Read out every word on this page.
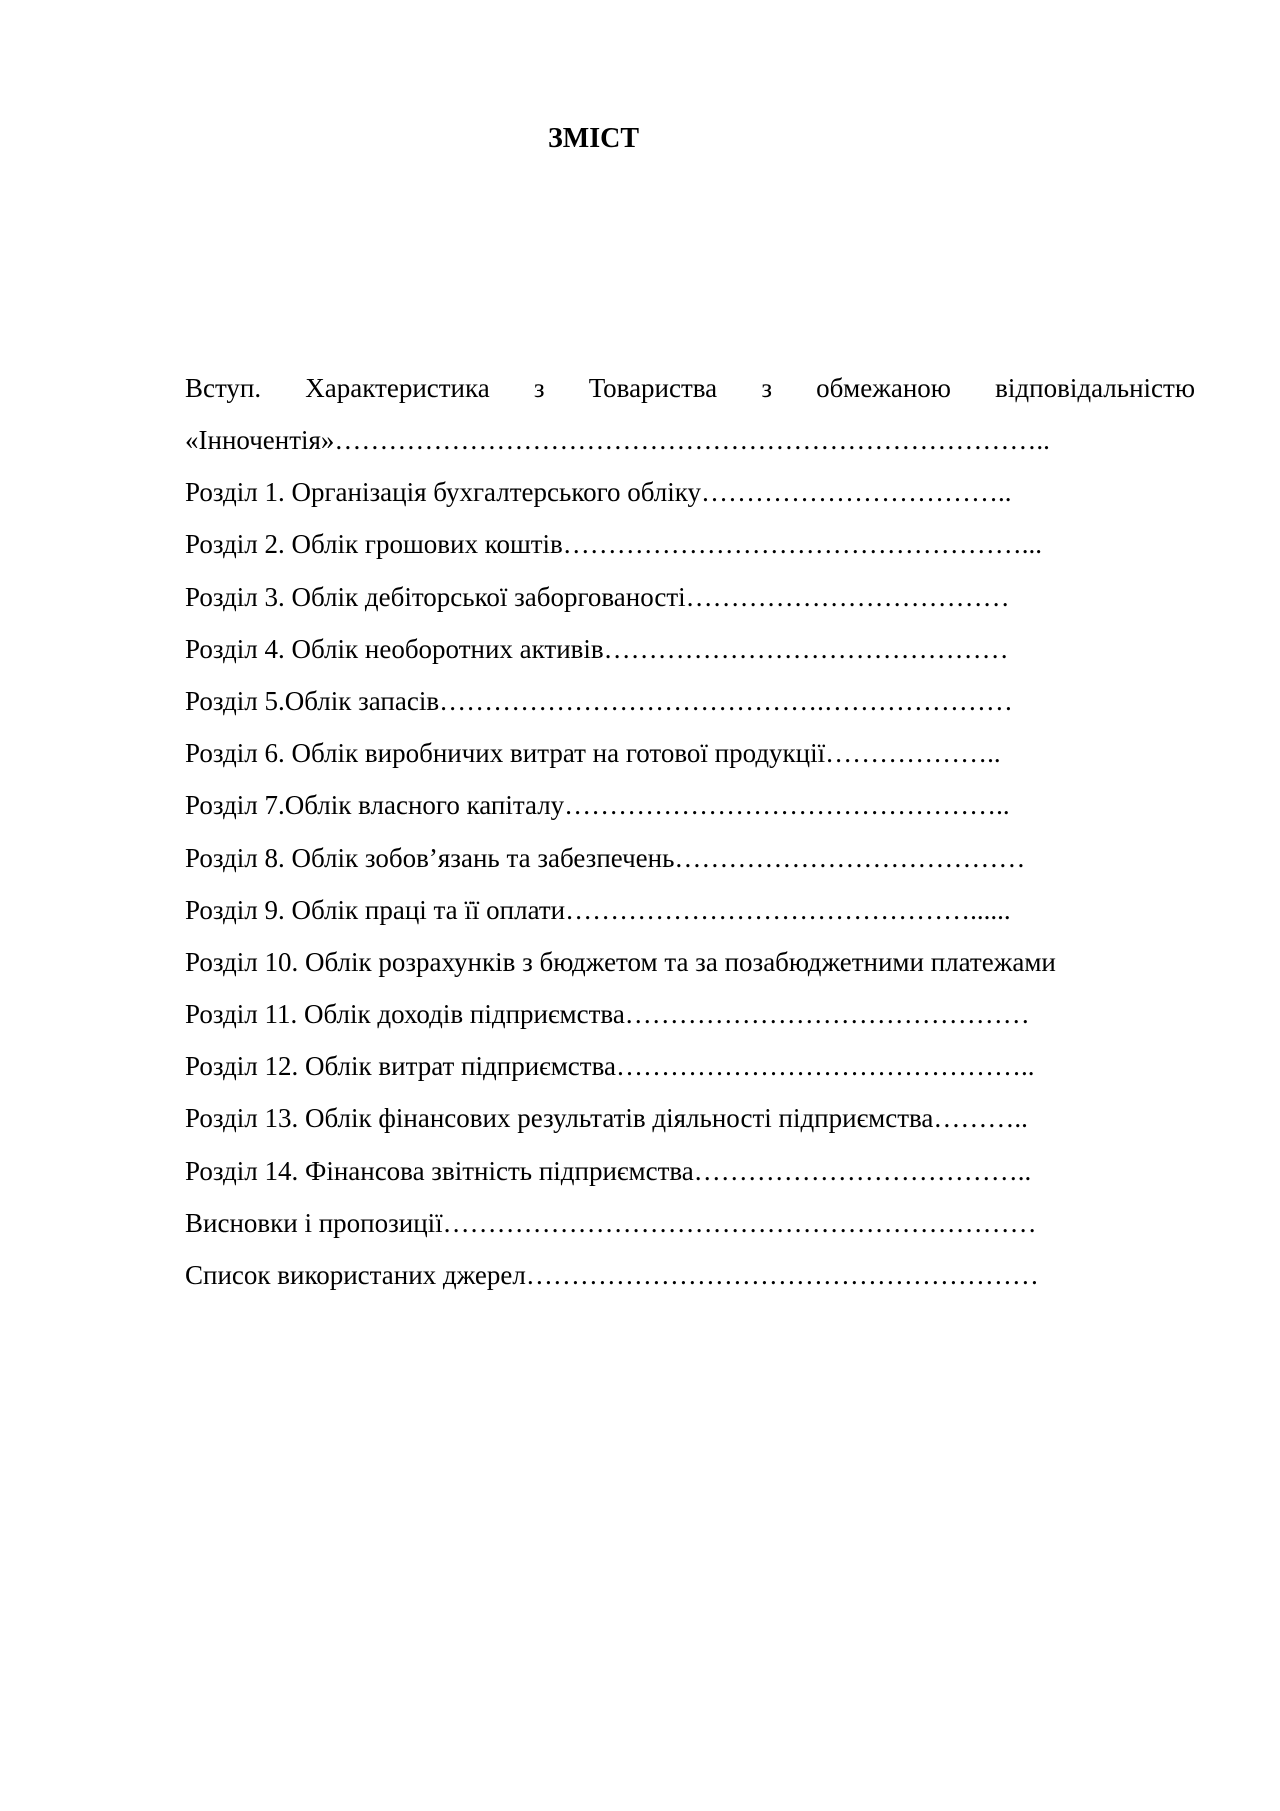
ЗМІСТ
Вступ. Характеристика з Товариства з обмежаною відповідальністю
«Інночентія»……………………………………………………………………..
Розділ 1. Організація бухгалтерського обліку……………………………..
Розділ 2. Облік грошових коштів……………………………………………...
Розділ 3. Облік дебіторської заборгованості………………………………
Розділ 4. Облік необоротних активів………………………………………
Розділ 5.Облік запасів…………………………………….…………………
Розділ 6. Облік виробничих витрат на готової продукції………………..
Розділ 7.Облік власного капіталу…………………………………………..
Розділ 8. Облік зобов’язань та забезпечень…………………………………
Розділ 9. Облік праці та її оплати………………………………………......
Розділ 10. Облік розрахунків з бюджетом та за позабюджетними платежами
Розділ 11. Облік доходів підприємства………………………………………
Розділ 12. Облік витрат підприємства………………………………………..
Розділ 13. Облік фінансових результатів діяльності підприємства………..
Розділ 14. Фінансова звітність підприємства………………………………..
Висновки і пропозиції…………………………………………………………
Список використаних джерел…………………………………………………
